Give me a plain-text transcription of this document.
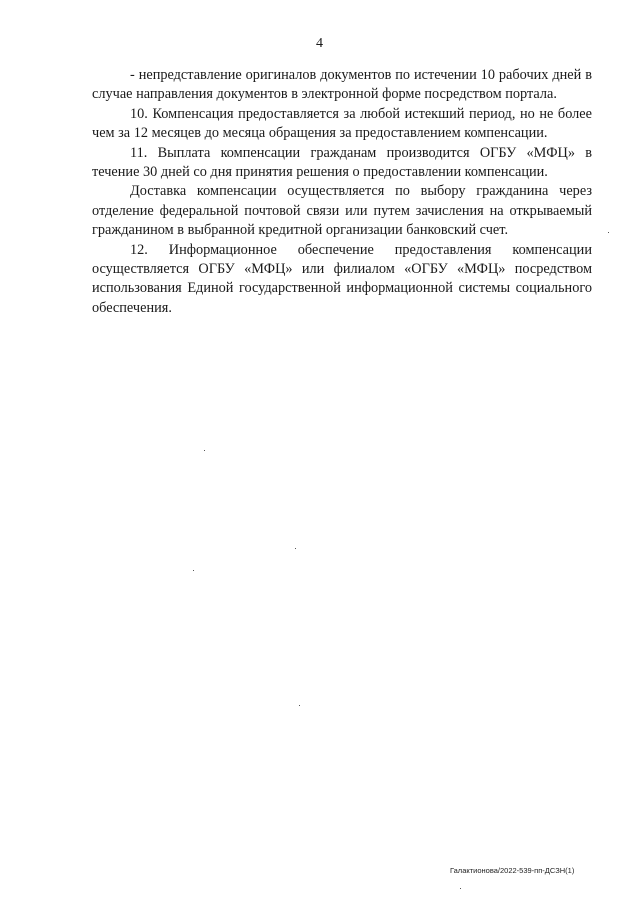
4

- непредставление оригиналов документов по истечении 10 рабочих дней в случае направления документов в электронной форме посредством портала.

10. Компенсация предоставляется за любой истекший период, но не более чем за 12 месяцев до месяца обращения за предоставлением компенсации.

11. Выплата компенсации гражданам производится ОГБУ «МФЦ» в течение 30 дней со дня принятия решения о предоставлении компенсации.

Доставка компенсации осуществляется по выбору гражданина через отделение федеральной почтовой связи или путем зачисления на открываемый гражданином в выбранной кредитной организации банковский счет.

12. Информационное обеспечение предоставления компенсации осуществляется ОГБУ «МФЦ» или филиалом «ОГБУ «МФЦ» посредством использования Единой государственной информационной системы социального обеспечения.

Галактионова/2022-539-пп-ДСЗН(1)
